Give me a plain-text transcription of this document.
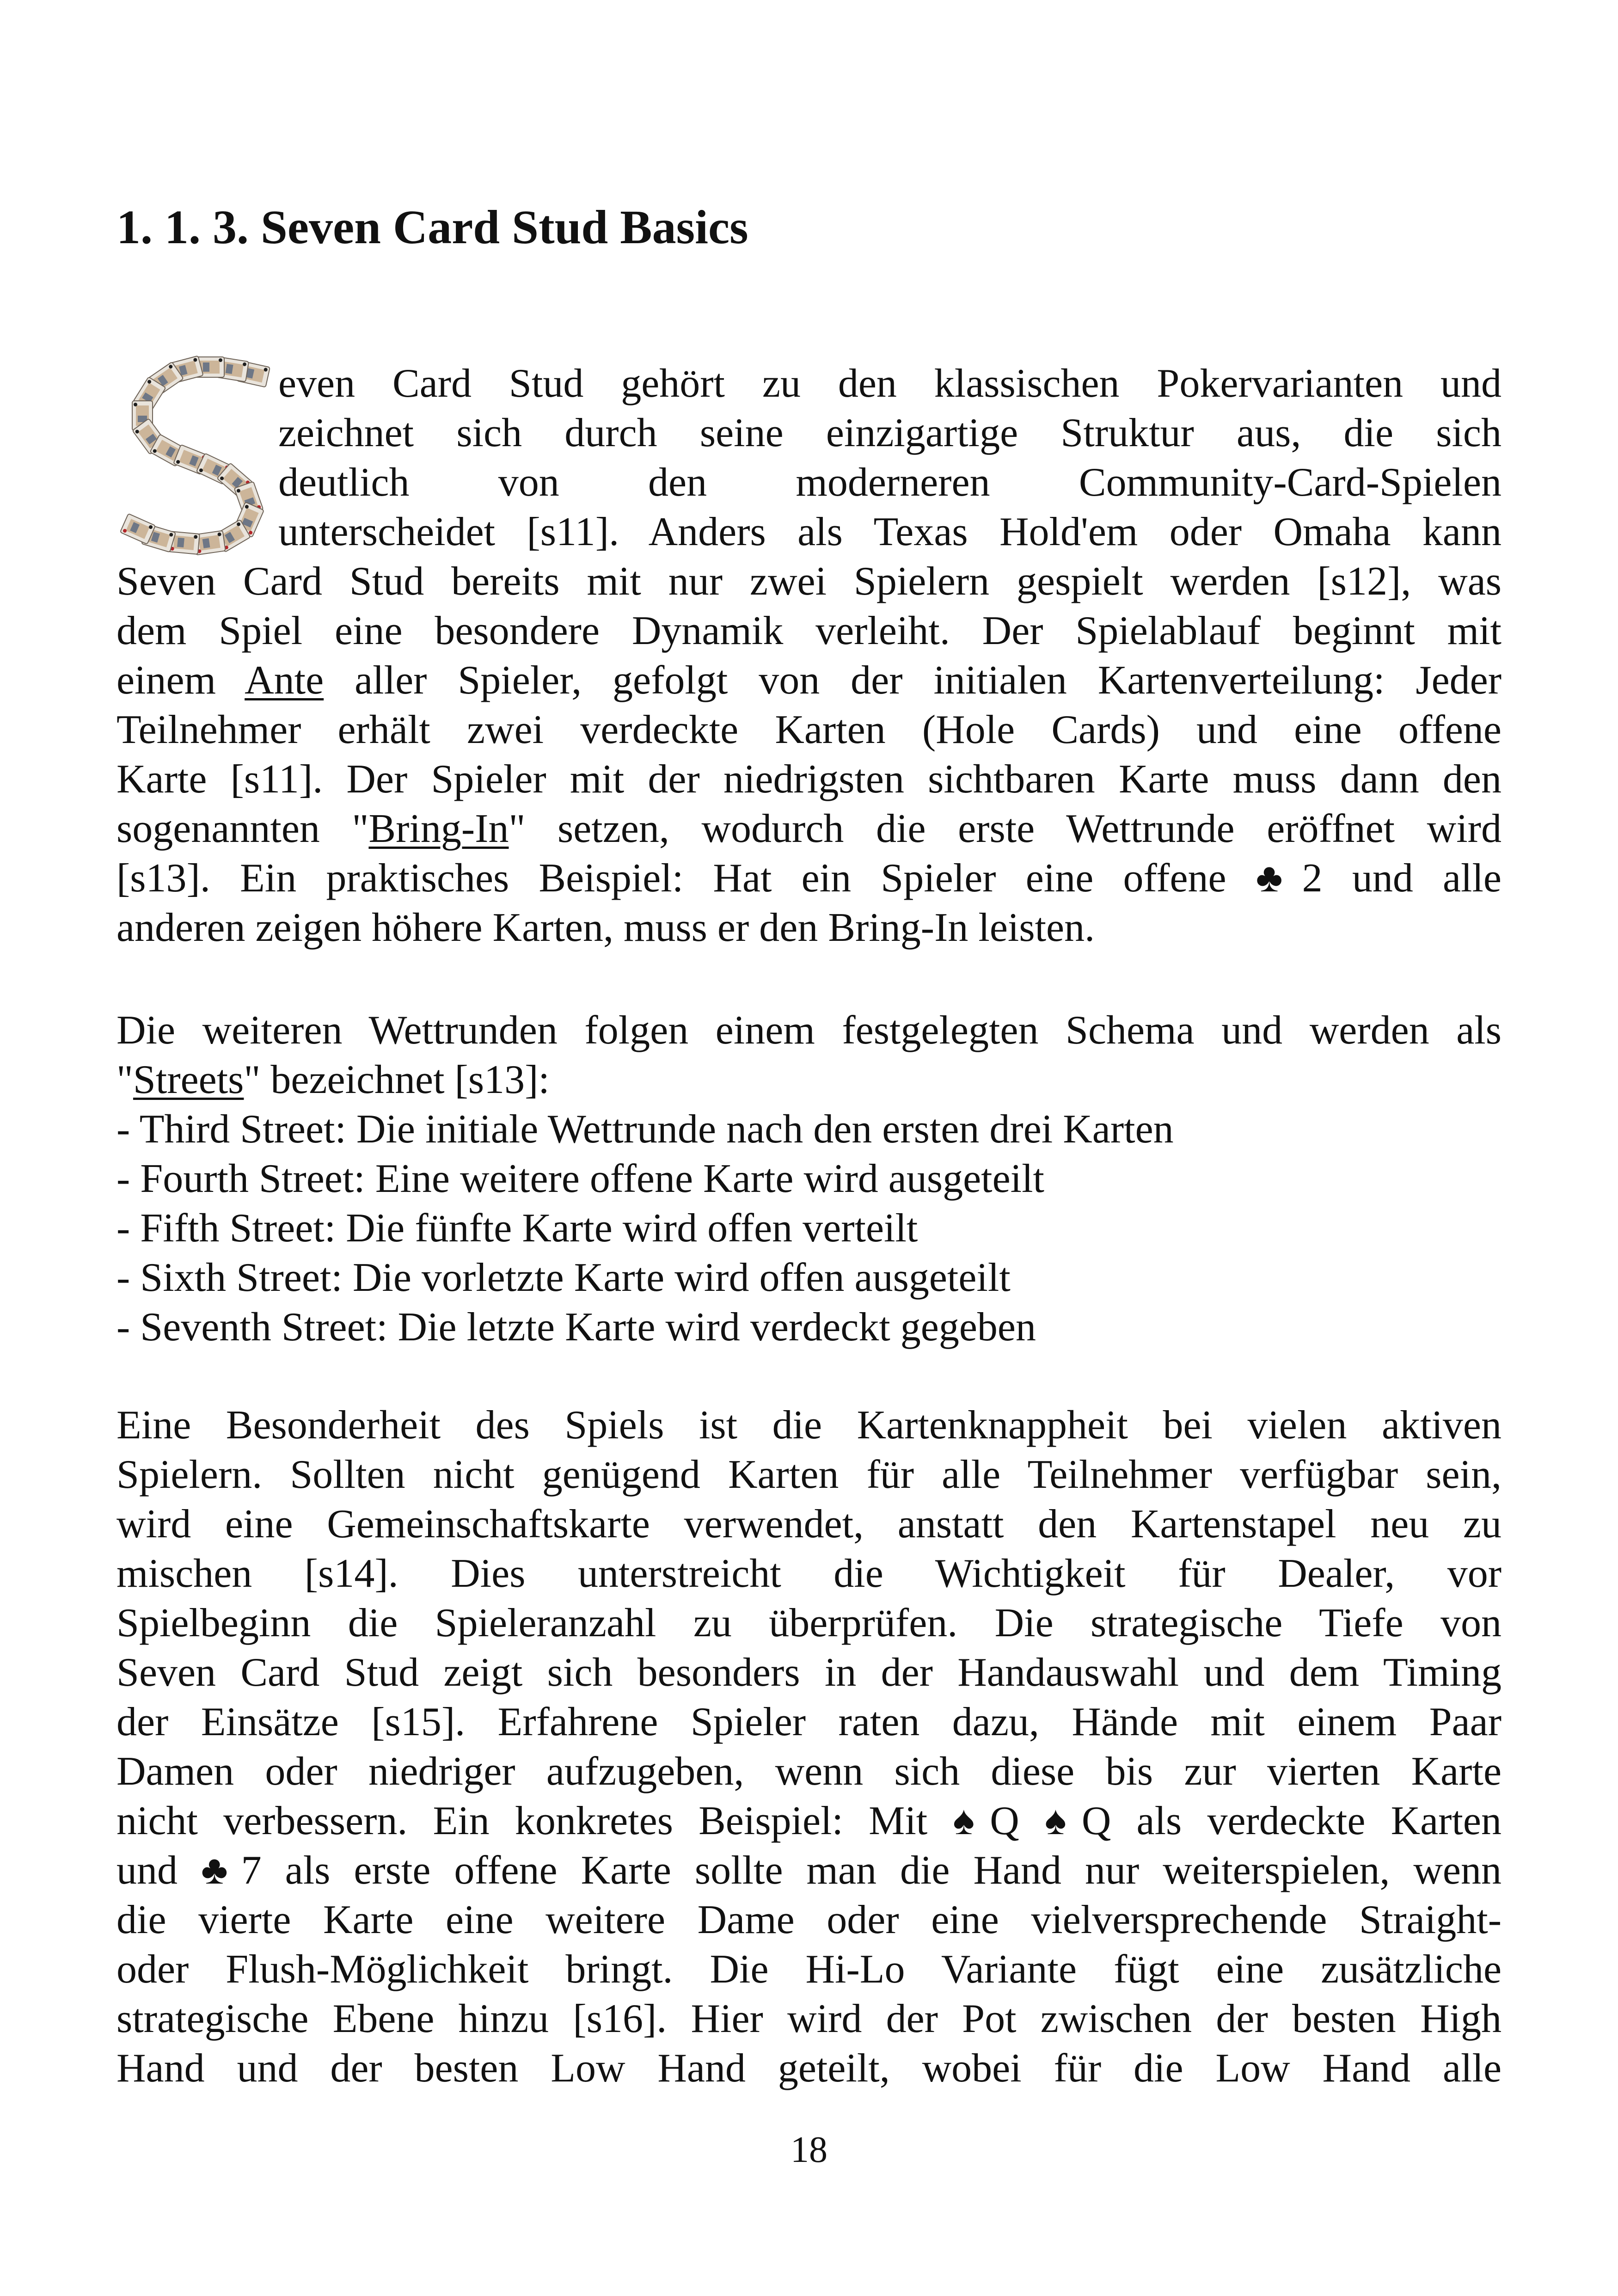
1. 1. 3. Seven Card Stud Basics
even Card Stud gehört zu den klassischen Pokervarianten und
zeichnet sich durch seine einzigartige Struktur aus, die sich
deutlich von den moderneren Community-Card-Spielen
unterscheidet [s11]. Anders als Texas Hold'em oder Omaha kann
Seven Card Stud bereits mit nur zwei Spielern gespielt werden [s12], was
dem Spiel eine besondere Dynamik verleiht. Der Spielablauf beginnt mit
einem Ante aller Spieler, gefolgt von der initialen Kartenverteilung: Jeder
Teilnehmer erhält zwei verdeckte Karten (Hole Cards) und eine offene
Karte [s11]. Der Spieler mit der niedrigsten sichtbaren Karte muss dann den
sogenannten "Bring-In" setzen, wodurch die erste Wettrunde eröffnet wird
[s13]. Ein praktisches Beispiel: Hat ein Spieler eine offene ♣2 und alle
anderen zeigen höhere Karten, muss er den Bring-In leisten.
Die weiteren Wettrunden folgen einem festgelegten Schema und werden als
"Streets" bezeichnet [s13]:
- Third Street: Die initiale Wettrunde nach den ersten drei Karten
- Fourth Street: Eine weitere offene Karte wird ausgeteilt
- Fifth Street: Die fünfte Karte wird offen verteilt
- Sixth Street: Die vorletzte Karte wird offen ausgeteilt
- Seventh Street: Die letzte Karte wird verdeckt gegeben
Eine Besonderheit des Spiels ist die Kartenknappheit bei vielen aktiven
Spielern. Sollten nicht genügend Karten für alle Teilnehmer verfügbar sein,
wird eine Gemeinschaftskarte verwendet, anstatt den Kartenstapel neu zu
mischen [s14]. Dies unterstreicht die Wichtigkeit für Dealer, vor
Spielbeginn die Spieleranzahl zu überprüfen. Die strategische Tiefe von
Seven Card Stud zeigt sich besonders in der Handauswahl und dem Timing
der Einsätze [s15]. Erfahrene Spieler raten dazu, Hände mit einem Paar
Damen oder niedriger aufzugeben, wenn sich diese bis zur vierten Karte
nicht verbessern. Ein konkretes Beispiel: Mit ♠Q ♠Q als verdeckte Karten
und ♣7 als erste offene Karte sollte man die Hand nur weiterspielen, wenn
die vierte Karte eine weitere Dame oder eine vielversprechende Straight-
oder Flush-Möglichkeit bringt. Die Hi-Lo Variante fügt eine zusätzliche
strategische Ebene hinzu [s16]. Hier wird der Pot zwischen der besten High
Hand und der besten Low Hand geteilt, wobei für die Low Hand alle
18
